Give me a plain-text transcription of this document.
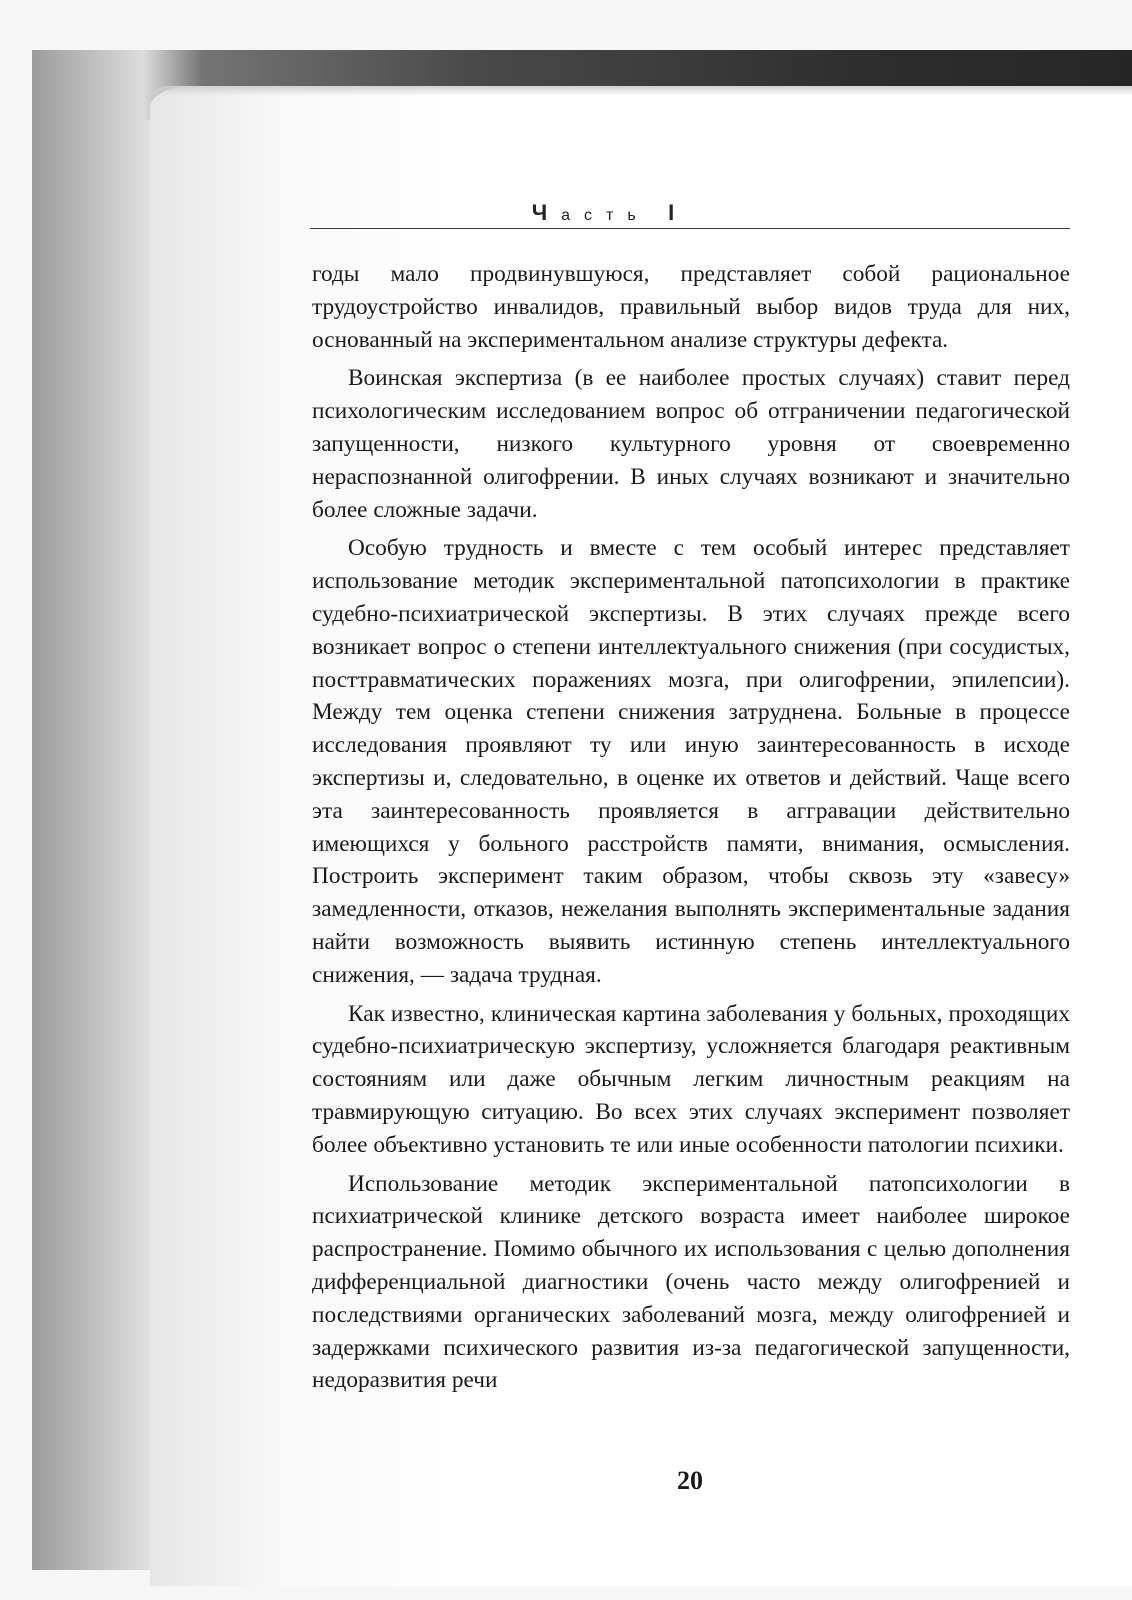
Часть I

годы мало продвинувшуюся, представляет собой рациональное трудоустройство инвалидов, правильный выбор видов труда для них, основанный на экспериментальном анализе структуры дефекта.

Воинская экспертиза (в ее наиболее простых случаях) ставит перед психологическим исследованием вопрос об отграничении педагогической запущенности, низкого культурного уровня от своевременно нераспознанной олигофрении. В иных случаях возникают и значительно более сложные задачи.

Особую трудность и вместе с тем особый интерес представляет использование методик экспериментальной патопсихологии в практике судебно-психиатрической экспертизы. В этих случаях прежде всего возникает вопрос о степени интеллектуального снижения (при сосудистых, посттравматических поражениях мозга, при олигофрении, эпилепсии). Между тем оценка степени снижения затруднена. Больные в процессе исследования проявляют ту или иную заинтересованность в исходе экспертизы и, следовательно, в оценке их ответов и действий. Чаще всего эта заинтересованность проявляется в аггравации действительно имеющихся у больного расстройств памяти, внимания, осмысления. Построить эксперимент таким образом, чтобы сквозь эту «завесу» замедленности, отказов, нежелания выполнять экспериментальные задания найти возможность выявить истинную степень интеллектуального снижения, — задача трудная.

Как известно, клиническая картина заболевания у больных, проходящих судебно-психиатрическую экспертизу, усложняется благодаря реактивным состояниям или даже обычным легким личностным реакциям на травмирующую ситуацию. Во всех этих случаях эксперимент позволяет более объективно установить те или иные особенности патологии психики.

Использование методик экспериментальной патопсихологии в психиатрической клинике детского возраста имеет наиболее широкое распространение. Помимо обычного их использования с целью дополнения дифференциальной диагностики (очень часто между олигофренией и последствиями органических заболеваний мозга, между олигофренией и задержками психического развития из-за педагогической запущенности, недоразвития речи

20
